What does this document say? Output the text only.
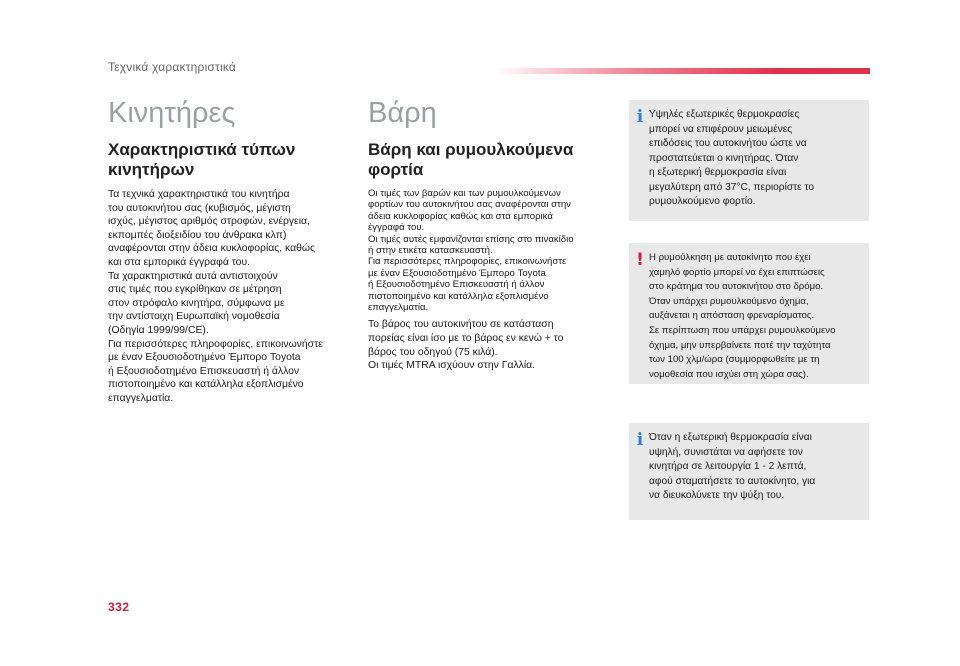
Τεχνικά χαρακτηριστικά
Κινητήρες
Χαρακτηριστικά τύπων
κινητήρων

Τα τεχνικά χαρακτηριστικά του κινητήρα
του αυτοκινήτου σας (κυβισμός, μέγιστη
ισχύς, μέγιστος αριθμός στροφών, ενέργεια,
εκπομπές διοξειδίου του άνθρακα κλπ)
αναφέρονται στην άδεια κυκλοφορίας, καθώς
και στα εμπορικά έγγραφά του.

Τα χαρακτηριστικά αυτά αντιστοιχούν
στις τιμές που εγκρίθηκαν σε μέτρηση
στον στρόφαλο κινητήρα, σύμφωνα με
την αντίστοιχη Ευρωπαϊκή νομοθεσία
(Οδηγία 1999/99/CE).

Για περισσότερες πληροφορίες, επικοινωνήστε
με έναν Εξουσιοδοτημένο Έμπορο Toyota
ή Εξουσιοδοτημένο Επισκευαστή ή άλλον
πιστοποιημένο και κατάλληλα εξοπλισμένο
επαγγελματία.

Βάρη
Βάρη και ρυμουλκούμενα
φορτία

Οι τιμές των βαρών και των ρυμουλκούμενων
φορτίων του αυτοκινήτου σας αναφέρονται στην
άδεια κυκλοφορίας καθώς και στα εμπορικά
έγγραφά του.

Οι τιμές αυτές εμφανίζονται επίσης στο πινακίδιο
ή στην ετικέτα κατασκευαστή.

Για περισσότερες πληροφορίες, επικοινωνήστε
με έναν Εξουσιοδοτημένο Έμπορο Toyota
ή Εξουσιοδοτημένο Επισκευαστή ή άλλον
πιστοποιημένο και κατάλληλα εξοπλισμένο
επαγγελματία.

Το βάρος του αυτοκινήτου σε κατάσταση
πορείας είναι ίσο με το βάρος εν κενώ + το
βάρος του οδηγού (75 κιλά).

Οι τιμές MTRA ισχύουν στην Γαλλία.

i Υψηλές εξωτερικές θερμοκρασίες
μπορεί να επιφέρουν μειωμένες
επιδόσεις του αυτοκινήτου ώστε να
προστατεύεται ο κινητήρας. Όταν
η εξωτερική θερμοκρασία είναι
μεγαλύτερη από 37°C, περιορίστε το
ρυμουλκούμενο φορτίο.

! Η ρυμούλκηση με αυτοκίνητο που έχει
χαμηλό φορτίο μπορεί να έχει επιπτώσεις
στο κράτημα του αυτοκινήτου στο δρόμο.
Όταν υπάρχει ρυμουλκούμενο όχημα,
αυξάνεται η απόσταση φρεναρίσματος.
Σε περίπτωση που υπάρχει ρυμουλκούμενο
όχημα, μην υπερβαίνετε ποτέ την ταχύτητα
των 100 χλμ/ώρα (συμμορφωθείτε με τη
νομοθεσία που ισχύει στη χώρα σας).

i Όταν η εξωτερική θερμοκρασία είναι
υψηλή, συνιστάται να αφήσετε τον
κινητήρα σε λειτουργία 1 - 2 λεπτά,
αφού σταματήσετε το αυτοκίνητο, για
να διευκολύνετε την ψύξη του.

332
